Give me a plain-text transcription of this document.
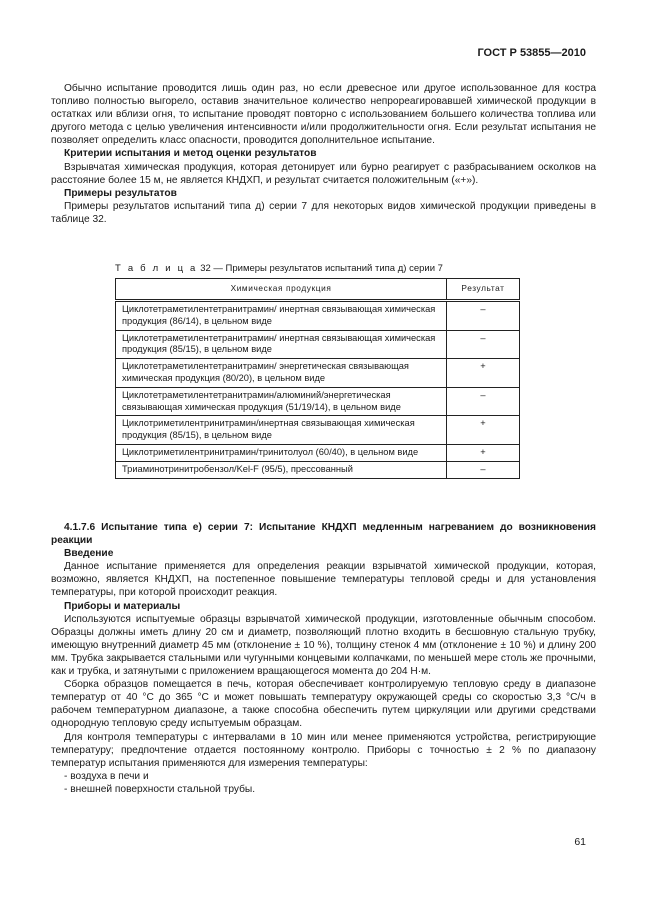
ГОСТ Р 53855—2010

Обычно испытание проводится лишь один раз, но если древесное или другое использованное для костра топливо полностью выгорело, оставив значительное количество непрореагировавшей химической продукции в остатках или вблизи огня, то испытание проводят повторно с использованием большего количества топлива или другого метода с целью увеличения интенсивности и/или продолжительности огня. Если результат испытания не позволяет определить класс опасности, проводится дополнительное испытание.

Критерии испытания и метод оценки результатов

Взрывчатая химическая продукция, которая детонирует или бурно реагирует с разбрасыванием осколков на расстояние более 15 м, не является КНДХП, и результат считается положительным («+»).

Примеры результатов

Примеры результатов испытаний типа д) серии 7 для некоторых видов химической продукции приведены в таблице 32.

Т а б л и ц а 32 — Примеры результатов испытаний типа д) серии 7
Химическая продукция	Результат
Циклотетраметилентетранитрамин/ инертная связывающая химическая продукция (86/14), в цельном виде	–
Циклотетраметилентетранитрамин/ инертная связывающая химическая продукция (85/15), в цельном виде	–
Циклотетраметилентетранитрамин/ энергетическая связывающая химическая продукция (80/20), в цельном виде	+
Циклотетраметилентетранитрамин/алюминий/энергетическая связывающая химическая продукция (51/19/14), в цельном виде	–
Циклотриметилентринитрамин/инертная связывающая химическая продукция (85/15), в цельном виде	+
Циклотриметилентринитрамин/тринитолуол (60/40), в цельном виде	+
Триаминотринитробензол/Kel-F (95/5), прессованный	–

4.1.7.6 Испытание типа е) серии 7: Испытание КНДХП медленным нагреванием до возникновения реакции

Введение

Данное испытание применяется для определения реакции взрывчатой химической продукции, которая, возможно, является КНДХП, на постепенное повышение температуры тепловой среды и для установления температуры, при которой происходит реакция.

Приборы и материалы

Используются испытуемые образцы взрывчатой химической продукции, изготовленные обычным способом. Образцы должны иметь длину 20 см и диаметр, позволяющий плотно входить в бесшовную стальную трубку, имеющую внутренний диаметр 45 мм (отклонение ± 10 %), толщину стенок 4 мм (отклонение ± 10 %) и длину 200 мм. Трубка закрывается стальными или чугунными концевыми колпачками, по меньшей мере столь же прочными, как и трубка, и затянутыми с приложением вращающегося момента до 204 Н·м.

Сборка образцов помещается в печь, которая обеспечивает контролируемую тепловую среду в диапазоне температур от 40 °С до 365 °С и может повышать температуру окружающей среды со скоростью 3,3 °С/ч в рабочем температурном диапазоне, а также способна обеспечить путем циркуляции или другими средствами однородную тепловую среду испытуемым образцам.

Для контроля температуры с интервалами в 10 мин или менее применяются устройства, регистрирующие температуру; предпочтение отдается постоянному контролю. Приборы с точностью ± 2 % по диапазону температур испытания применяются для измерения температуры:

- воздуха в печи и
- внешней поверхности стальной трубы.
61
